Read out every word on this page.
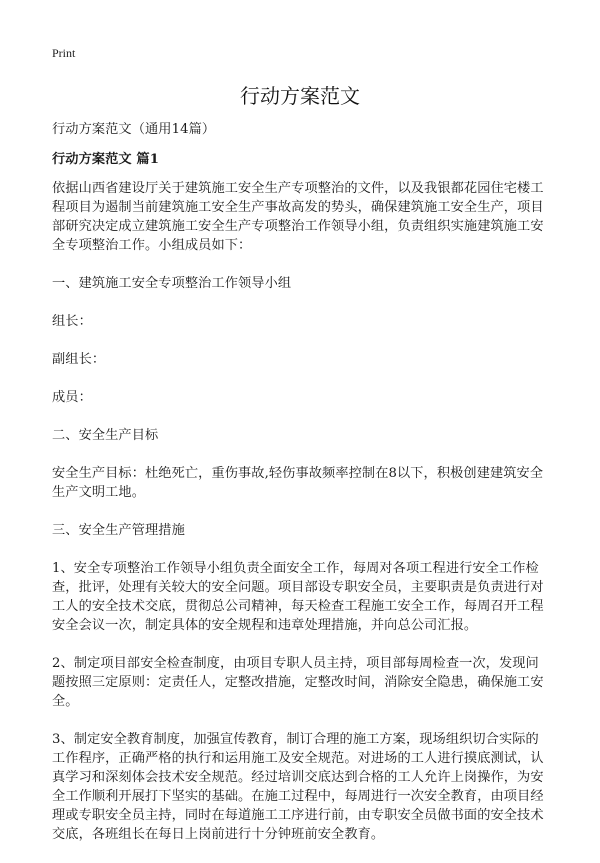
Print
行动方案范文

行动方案范文（通用14篇）

行动方案范文 篇1

依据山西省建设厅关于建筑施工安全生产专项整治的文件，以及我银都花园住宅楼工程项目为遏制当前建筑施工安全生产事故高发的势头，确保建筑施工安全生产，项目部研究决定成立建筑施工安全生产专项整治工作领导小组，负责组织实施建筑施工安全专项整治工作。小组成员如下：

一、建筑施工安全专项整治工作领导小组

组长：

副组长：

成员：

二、安全生产目标

安全生产目标：杜绝死亡，重伤事故,轻伤事故频率控制在8以下，积极创建建筑安全生产文明工地。

三、安全生产管理措施

1、安全专项整治工作领导小组负责全面安全工作，每周对各项工程进行安全工作检查，批评，处理有关较大的安全问题。项目部设专职安全员，主要职责是负责进行对工人的安全技术交底，贯彻总公司精神，每天检查工程施工安全工作，每周召开工程安全会议一次，制定具体的安全规程和违章处理措施，并向总公司汇报。

2、制定项目部安全检查制度，由项目专职人员主持，项目部每周检查一次，发现问题按照三定原则：定责任人，定整改措施，定整改时间，消除安全隐患，确保施工安全。

3、制定安全教育制度，加强宣传教育，制订合理的施工方案，现场组织切合实际的工作程序，正确严格的执行和运用施工及安全规范。对进场的工人进行摸底测试，认真学习和深刻体会技术安全规范。经过培训交底达到合格的工人允许上岗操作，为安全工作顺利开展打下坚实的基础。在施工过程中，每周进行一次安全教育，由项目经理或专职安全员主持，同时在每道施工工序进行前，由专职安全员做书面的安全技术交底，各班组长在每日上岗前进行十分钟班前安全教育。
